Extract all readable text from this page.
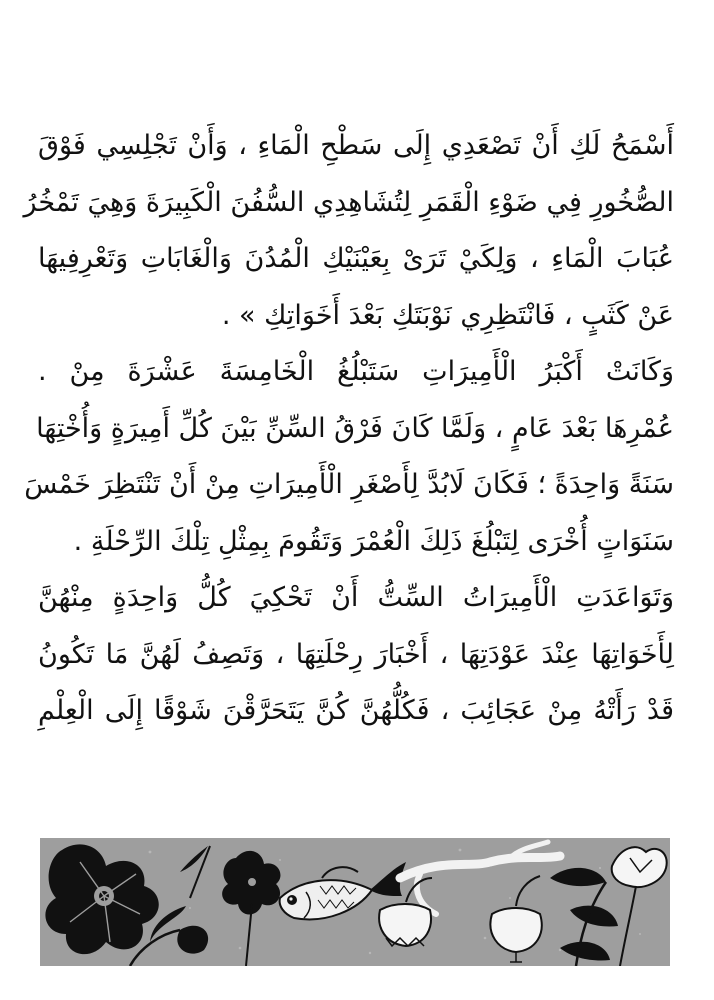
أَسْمَحُ لَكِ أَنْ تَصْعَدِي إِلَى سَطْحِ الْمَاءِ ، وَأَنْ تَجْلِسِي فَوْقَ
الصُّخُورِ فِي ضَوْءِ الْقَمَرِ لِتُشَاهِدِي السُّفُنَ الْكَبِيرَةَ وَهِيَ تَمْخُرُ
عُبَابَ الْمَاءِ ، وَلِكَيْ تَرَىْ بِعَيْنَيْكِ الْمُدُنَ وَالْغَابَاتِ وَتَعْرِفِيهَا
عَنْ كَثَبٍ ، فَانْتَظِرِي نَوْبَتَكِ بَعْدَ أَخَوَاتِكِ » .
وَكَانَتْ أَكْبَرُ الْأَمِيرَاتِ سَتَبْلُغُ الْخَامِسَةَ عَشْرَةَ مِنْ .
عُمْرِهَا بَعْدَ عَامٍ ، وَلَمَّا كَانَ فَرْقُ السِّنِّ بَيْنَ كُلِّ أَمِيرَةٍ وَأُخْتِهَا
سَنَةً وَاحِدَةً ؛ فَكَانَ لَابُدَّ لِأَصْغَرِ الْأَمِيرَاتِ مِنْ أَنْ تَنْتَظِرَ خَمْسَ
سَنَوَاتٍ أُخْرَى لِتَبْلُغَ ذَلِكَ الْعُمْرَ وَتَقُومَ بِمِثْلِ تِلْكَ الرِّحْلَةِ .
وَتَوَاعَدَتِ الْأَمِيرَاتُ السِّتُّ أَنْ تَحْكِيَ كُلُّ وَاحِدَةٍ مِنْهُنَّ
لِأَخَوَاتِهَا عِنْدَ عَوْدَتِهَا ، أَخْبَارَ رِحْلَتِهَا ، وَتَصِفُ لَهُنَّ مَا تَكُونُ
قَدْ رَأَتْهُ مِنْ عَجَائِبَ ، فَكُلُّهُنَّ كُنَّ يَتَحَرَّقْنَ شَوْقًا إِلَى الْعِلْمِ
